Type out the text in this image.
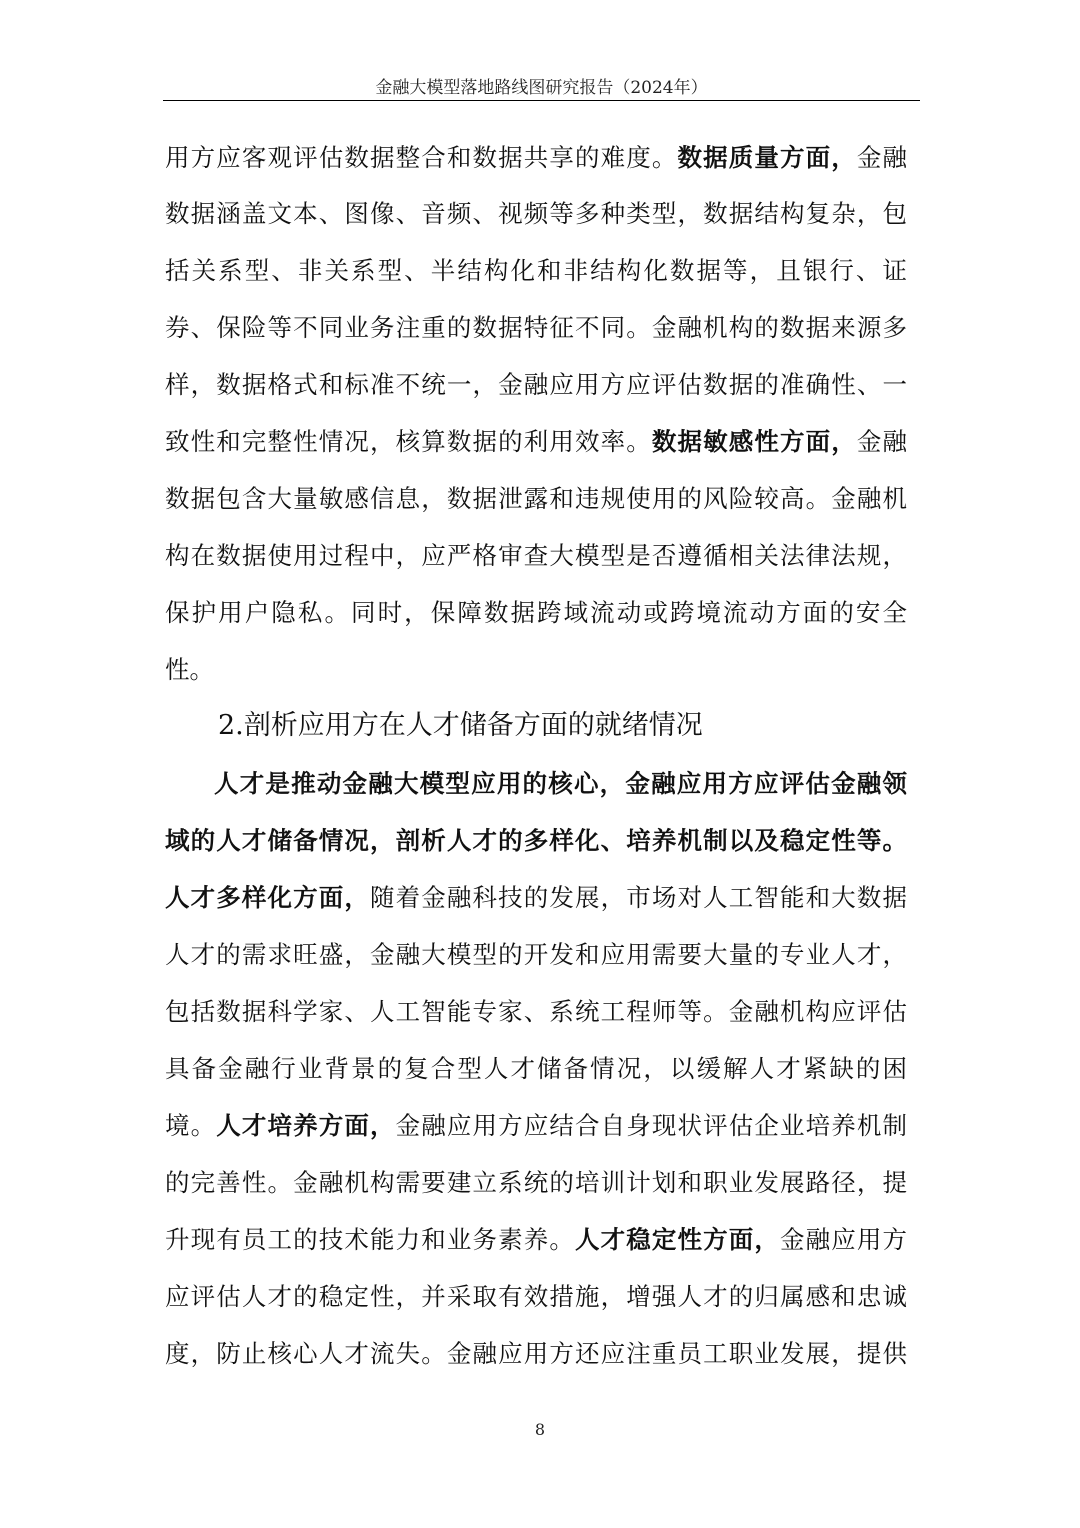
金融大模型落地路线图研究报告（2024年）
用方应客观评估数据整合和数据共享的难度。数据质量方面，金融
数据涵盖文本、图像、音频、视频等多种类型，数据结构复杂，包
括关系型、非关系型、半结构化和非结构化数据等，且银行、证
券、保险等不同业务注重的数据特征不同。金融机构的数据来源多
样，数据格式和标准不统一，金融应用方应评估数据的准确性、一
致性和完整性情况，核算数据的利用效率。数据敏感性方面，金融
数据包含大量敏感信息，数据泄露和违规使用的风险较高。金融机
构在数据使用过程中，应严格审查大模型是否遵循相关法律法规，
保护用户隐私。同时，保障数据跨域流动或跨境流动方面的安全
性。
2.剖析应用方在人才储备方面的就绪情况
人才是推动金融大模型应用的核心，金融应用方应评估金融领
域的人才储备情况，剖析人才的多样化、培养机制以及稳定性等。
人才多样化方面，随着金融科技的发展，市场对人工智能和大数据
人才的需求旺盛，金融大模型的开发和应用需要大量的专业人才，
包括数据科学家、人工智能专家、系统工程师等。金融机构应评估
具备金融行业背景的复合型人才储备情况，以缓解人才紧缺的困
境。人才培养方面，金融应用方应结合自身现状评估企业培养机制
的完善性。金融机构需要建立系统的培训计划和职业发展路径，提
升现有员工的技术能力和业务素养。人才稳定性方面，金融应用方
应评估人才的稳定性，并采取有效措施，增强人才的归属感和忠诚
度，防止核心人才流失。金融应用方还应注重员工职业发展，提供
8
